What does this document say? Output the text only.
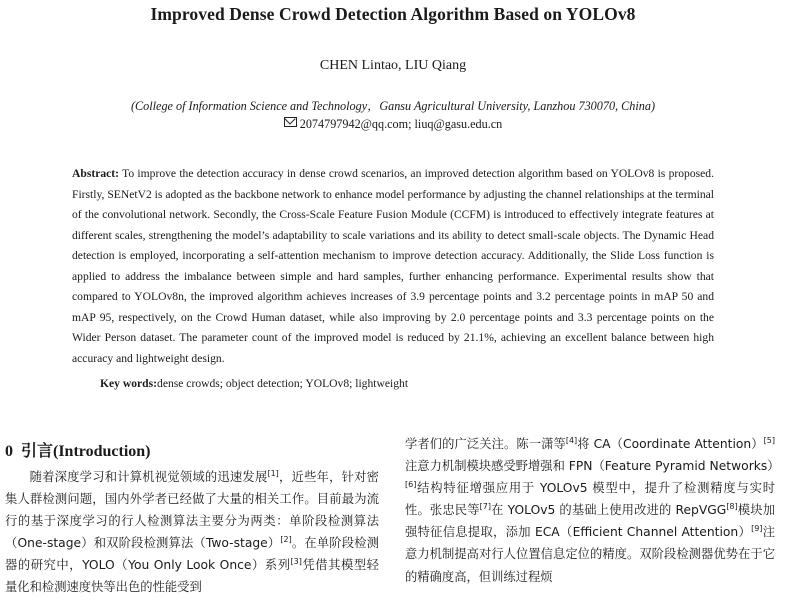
Improved Dense Crowd Detection Algorithm Based on YOLOv8
CHEN Lintao, LIU Qiang
(College of Information Science and Technology，Gansu Agricultural University, Lanzhou 730070, China)
2074797942@qq.com; liuq@gasu.edu.cn
Abstract: To improve the detection accuracy in dense crowd scenarios, an improved detection algorithm based on YOLOv8 is proposed. Firstly, SENetV2 is adopted as the backbone network to enhance model performance by adjusting the channel relationships at the terminal of the convolutional network. Secondly, the Cross-Scale Feature Fusion Module (CCFM) is introduced to effectively integrate features at different scales, strengthening the model’s adaptability to scale variations and its ability to detect small-scale objects. The Dynamic Head detection is employed, incorporating a self-attention mechanism to improve detection accuracy. Additionally, the Slide Loss function is applied to address the imbalance between simple and hard samples, further enhancing performance. Experimental results show that compared to YOLOv8n, the improved algorithm achieves increases of 3.9 percentage points and 3.2 percentage points in mAP 50 and mAP 95, respectively, on the Crowd Human dataset, while also improving by 2.0 percentage points and 3.3 percentage points on the Wider Person dataset. The parameter count of the improved model is reduced by 21.1%, achieving an excellent balance between high accuracy and lightweight design.
Key words:dense crowds; object detection; YOLOv8; lightweight
0 引言(Introduction)

随着深度学习和计算机视觉领域的迅速发展[1]，近些年，针对密集人群检测问题，国内外学者已经做了大量的相关工作。目前最为流行的基于深度学习的行人检测算法主要分为两类：单阶段检测算法（One-stage）和双阶段检测算法（Two-stage）[2]。在单阶段检测器的研究中，YOLO（You Only Look Once）系列[3]凭借其模型轻量化和检测速度快等出色的性能受到

学者们的广泛关注。陈一潇等[4]将 CA（Coordinate Attention）[5]注意力机制模块感受野增强和 FPN（Feature Pyramid Networks）[6]结构特征增强应用于 YOLOv5 模型中，提升了检测精度与实时性。张忠民等[7]在 YOLOv5 的基础上使用改进的 RepVGG[8]模块加强特征信息提取，添加 ECA（Efficient Channel Attention）[9]注意力机制提高对行人位置信息定位的精度。双阶段检测器优势在于它的精确度高，但训练过程烦
